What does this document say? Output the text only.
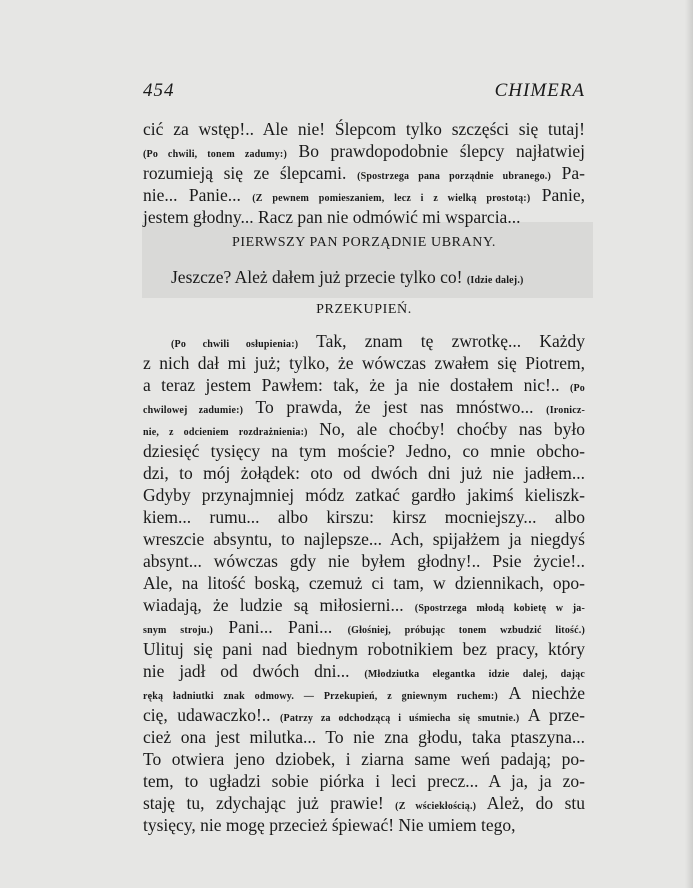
454	CHIMERA
cić za wstęp!.. Ale nie! Ślepcom tylko szczęści się tutaj!
(Po chwili, tonem zadumy:) Bo prawdopodobnie ślepcy najłatwiej
rozumieją się ze ślepcami. (Spostrzega pana porządnie ubranego.) Pa-
nie... Panie... (Z pewnem pomieszaniem, lecz i z wielką prostotą:) Panie,
jestem głodny... Racz pan nie odmówić mi wsparcia...
PIERWSZY PAN PORZĄDNIE UBRANY.
Jeszcze? Ależ dałem już przecie tylko co! (Idzie dalej.)
PRZEKUPIEŃ.
(Po chwili osłupienia:) Tak, znam tę zwrotkę... Każdy
z nich dał mi już; tylko, że wówczas zwałem się Piotrem,
a teraz jestem Pawłem: tak, że ja nie dostałem nic!.. (Po
chwilowej zadumie:) To prawda, że jest nas mnóstwo... (Ironicz-
nie, z odcieniem rozdrażnienia:) No, ale choćby! choćby nas było
dziesięć tysięcy na tym moście? Jedno, co mnie obcho-
dzi, to mój żołądek: oto od dwóch dni już nie jadłem...
Gdyby przynajmniej módz zatkać gardło jakimś kieliszk-
kiem... rumu... albo kirszu: kirsz mocniejszy... albo
wreszcie absyntu, to najlepsze... Ach, spijałżem ja niegdyś
absynt... wówczas gdy nie byłem głodny!.. Psie życie!..
Ale, na litość boską, czemuż ci tam, w dziennikach, opo-
wiadają, że ludzie są miłosierni... (Spostrzega młodą kobietę w ja-
snym stroju.) Pani... Pani... (Głośniej, próbując tonem wzbudzić litość.)
Ulituj się pani nad biednym robotnikiem bez pracy, który
nie jadł od dwóch dni... (Młodziutka elegantka idzie dalej, dając
ręką ładniutki znak odmowy. — Przekupień, z gniewnym ruchem:) A niechże
cię, udawaczko!.. (Patrzy za odchodzącą i uśmiecha się smutnie.) A prze-
cież ona jest milutka... To nie zna głodu, taka ptaszyna...
To otwiera jeno dziobek, i ziarna same weń padają; po-
tem, to ugładzi sobie piórka i leci precz... A ja, ja zo-
staję tu, zdychając już prawie! (Z wściekłością.) Ależ, do stu
tysięcy, nie mogę przecież śpiewać! Nie umiem tego,
